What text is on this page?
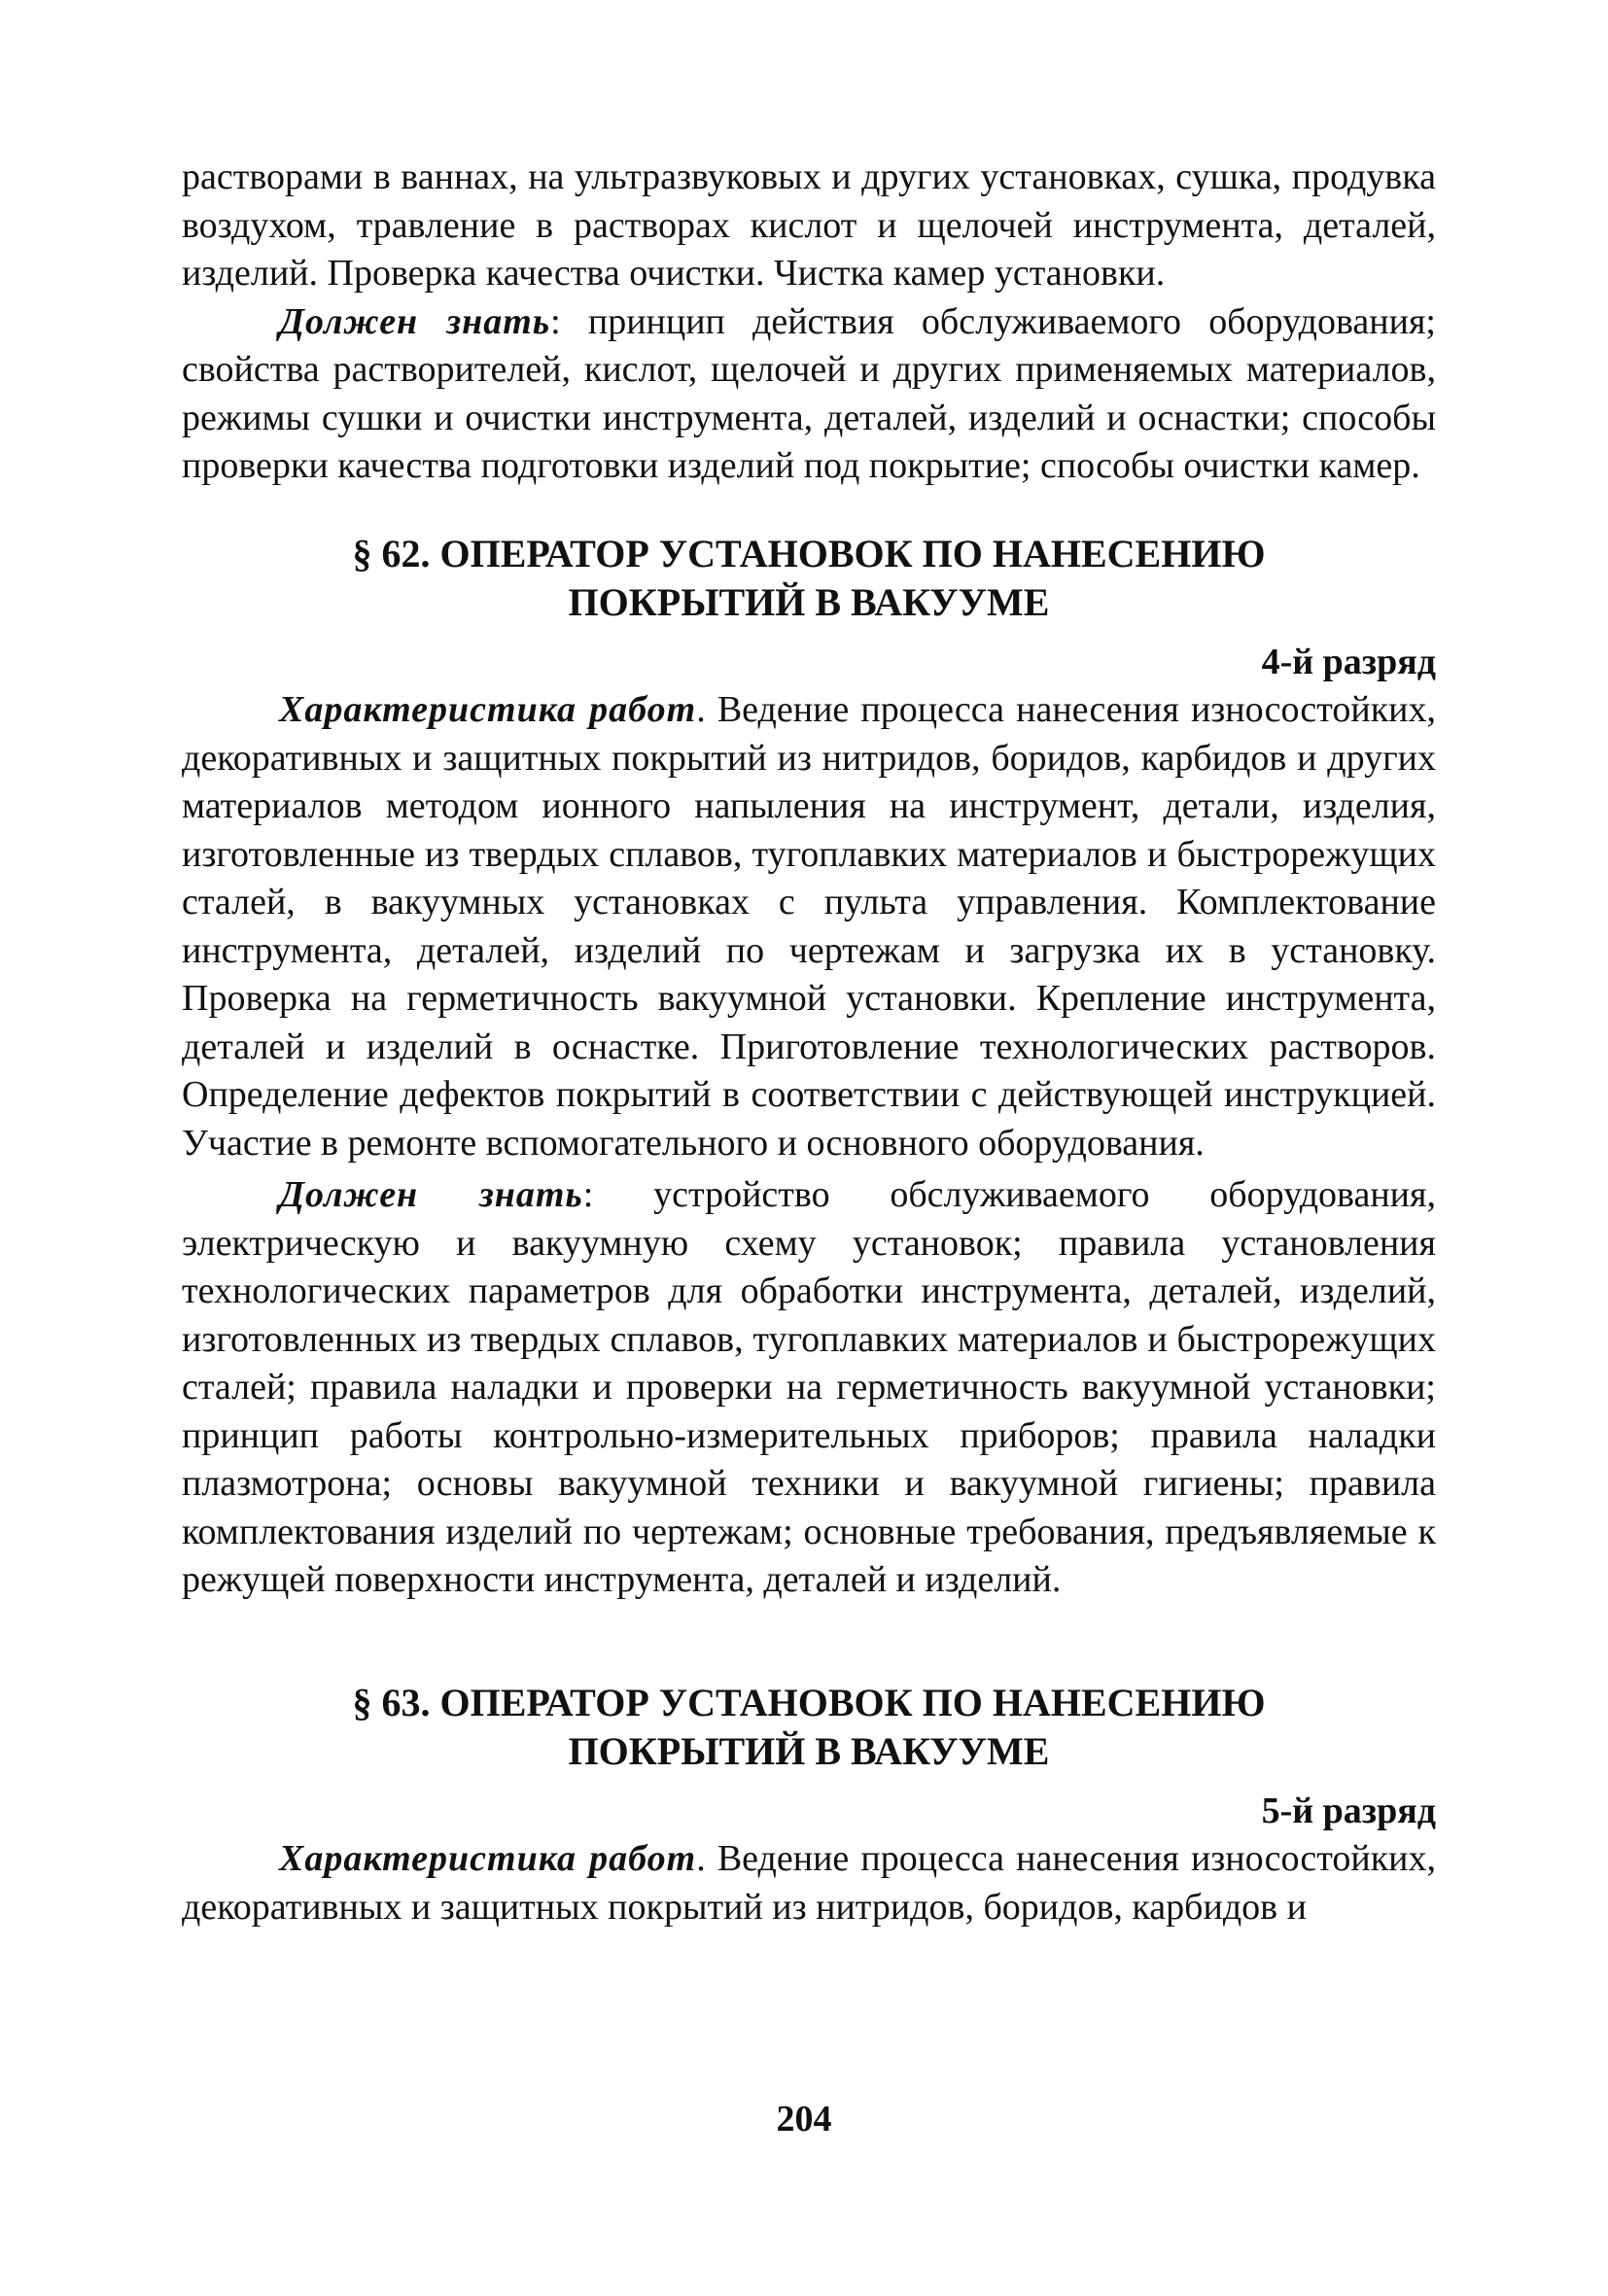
растворами в ваннах, на ультразвуковых и других установках, сушка, продувка воздухом, травление в растворах кислот и щелочей инструмента, деталей, изделий. Проверка качества очистки. Чистка камер установки.

Должен знать: принцип действия обслуживаемого оборудования; свойства растворителей, кислот, щелочей и других применяемых материалов, режимы сушки и очистки инструмента, деталей, изделий и оснастки; способы проверки качества подготовки изделий под покрытие; способы очистки камер.

§ 62. ОПЕРАТОР УСТАНОВОК ПО НАНЕСЕНИЮ

ПОКРЫТИЙ В ВАКУУМЕ

4-й разряд

Характеристика работ. Ведение процесса нанесения износостойких, декоративных и защитных покрытий из нитридов, боридов, карбидов и других материалов методом ионного напыления на инструмент, детали, изделия, изготовленные из твердых сплавов, тугоплавких материалов и быстрорежущих сталей, в вакуумных установках с пульта управления. Комплектование инструмента, деталей, изделий по чертежам и загрузка их в установку. Проверка на герметичность вакуумной установки. Крепление инструмента, деталей и изделий в оснастке. Приготовление технологических растворов. Определение дефектов покрытий в соответствии с действующей инструкцией. Участие в ремонте вспомогательного и основного оборудования.

Должен знать: устройство обслуживаемого оборудования, электрическую и вакуумную схему установок; правила установления технологических параметров для обработки инструмента, деталей, изделий, изготовленных из твердых сплавов, тугоплавких материалов и быстрорежущих сталей; правила наладки и проверки на герметичность вакуумной установки; принцип работы контрольно-измерительных приборов; правила наладки плазмотрона; основы вакуумной техники и вакуумной гигиены; правила комплектования изделий по чертежам; основные требования, предъявляемые к режущей поверхности инструмента, деталей и изделий.

§ 63. ОПЕРАТОР УСТАНОВОК ПО НАНЕСЕНИЮ

ПОКРЫТИЙ В ВАКУУМЕ

5-й разряд

Характеристика работ. Ведение процесса нанесения износостойких, декоративных и защитных покрытий из нитридов, боридов, карбидов и

204
